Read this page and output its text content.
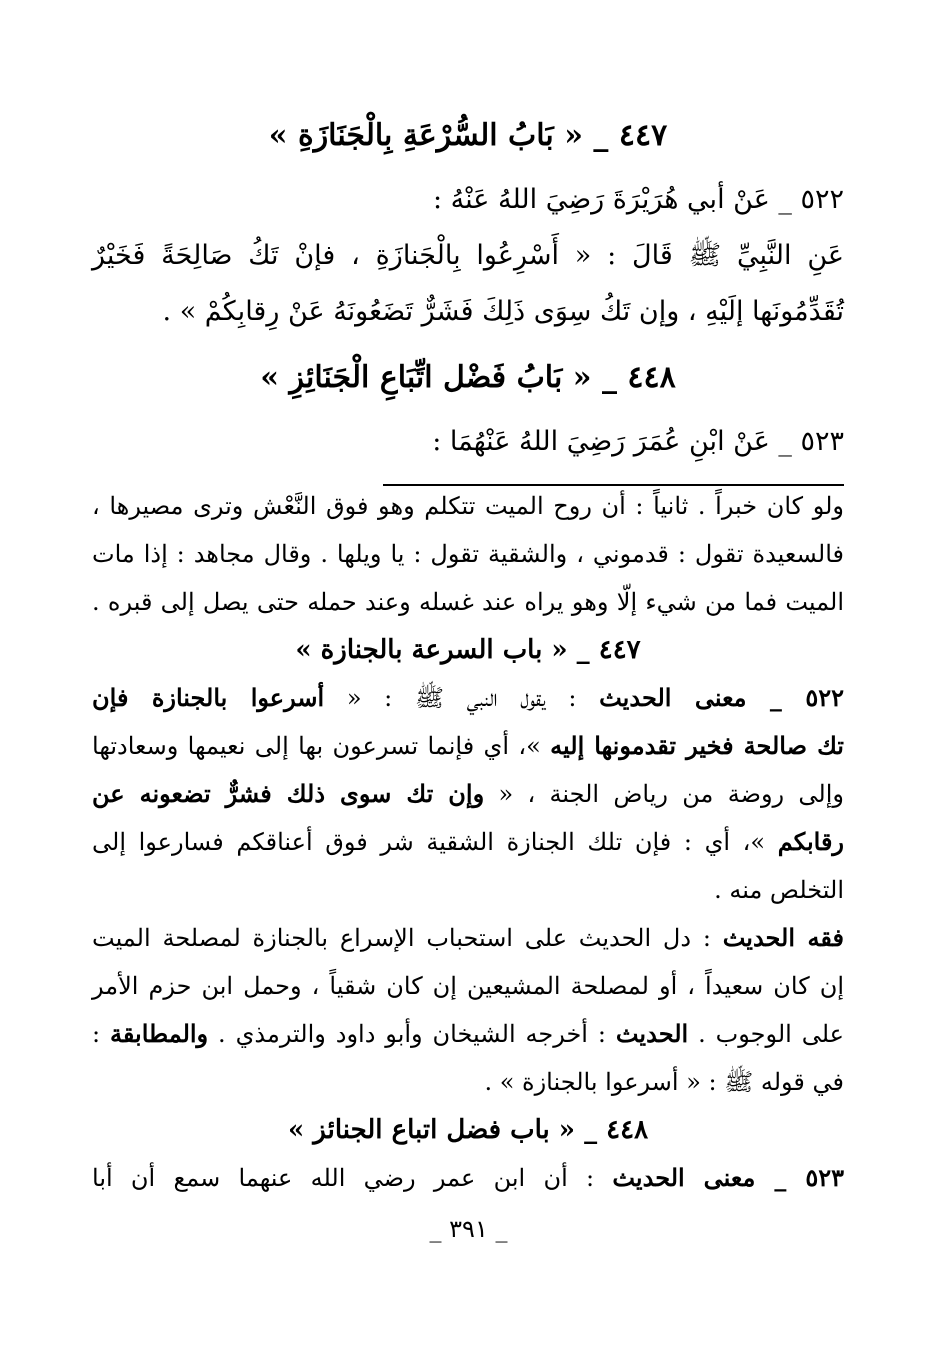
٤٤٧ _ « بَابُ السُّرْعَةِ بِالْجَنَازَةِ »
٥٢٢ _ عَنْ أبي هُرَيْرَةَ رَضِيَ اللهُ عَنْهُ :
عَنِ النَّبِيِّ ﷺ قَالَ : « أَسْرِعُوا بِالْجَنازَةِ ، فإنْ تَكُ صَالِحَةً فَخَيْرٌ
تُقَدِّمُونَها إلَيْهِ ، وإن تَكُ سِوَى ذَلِكَ فَشَرٌّ تَضَعُونَهُ عَنْ رِقابِكُمْ » .
٤٤٨ _ « بَابُ فَضْل اتِّبَاعِ الْجَنَائِزِ »
٥٢٣ _ عَنْ ابْنِ عُمَرَ رَضِيَ اللهُ عَنْهُمَا :
ولو كان خبراً . ثانياً : أن روح الميت تتكلم وهو فوق النَّعْش وترى مصيرها ،
فالسعيدة تقول : قدموني ، والشقية تقول : يا ويلها . وقال مجاهد : إذا مات
الميت فما من شيء إلّا وهو يراه عند غسله وعند حمله حتى يصل إلى قبره .
٤٤٧ _ « باب السرعة بالجنازة »
٥٢٢ _ معنى الحديث : يقول النبي ﷺ : « أسرعوا بالجنازة فإن
تك صالحة فخير تقدمونها إليه »، أي فإنما تسرعون بها إلى نعيمها وسعادتها
وإلى روضة من رياض الجنة ، « وإن تك سوى ذلك فشرٌّ تضعونه عن
رقابكم »، أي : فإن تلك الجنازة الشقية شر فوق أعناقكم فسارعوا إلى
التخلص منه .
فقه الحديث : دل الحديث على استحباب الإسراع بالجنازة لمصلحة الميت
إن كان سعيداً ، أو لمصلحة المشيعين إن كان شقياً ، وحمل ابن حزم الأمر
على الوجوب . الحديث : أخرجه الشيخان وأبو داود والترمذي . والمطابقة :
في قوله ﷺ : « أسرعوا بالجنازة » .
٤٤٨ _ « باب فضل اتباع الجنائز »
٥٢٣ _ معنى الحديث : أن ابن عمر رضي الله عنهما سمع أن أبا
_ ٣٩١ _
